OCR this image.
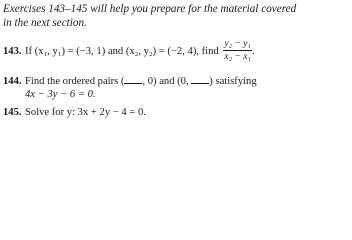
Exercises 143–145 will help you prepare for the material covered
in the next section.
143. If (x₁, y₁) = (−3, 1) and (x₂, y₂) = (−2, 4), find $\frac{\text{y₂ − y₁}}{\text{x₂ − x₁}}$ .
144. Find the ordered pairs ( , 0) and (0, ) satisfying
4x − 3y − 6 = 0.
145. Solve for y: 3x + 2y − 4 = 0.
